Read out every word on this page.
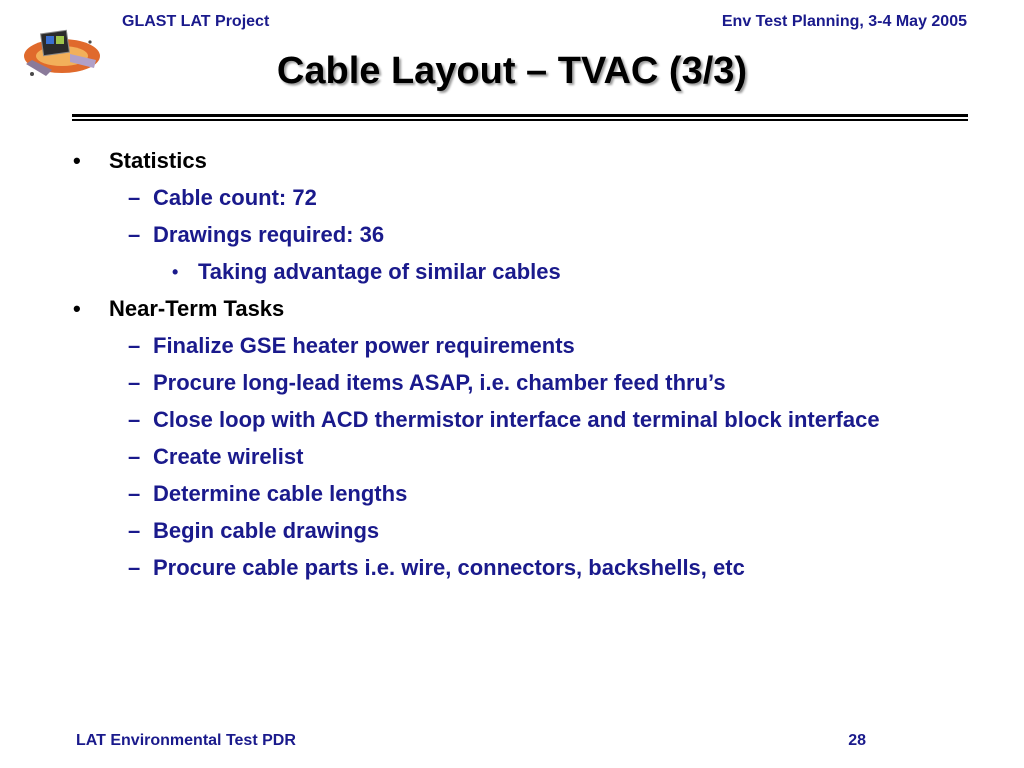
GLAST LAT Project	Env Test Planning, 3-4 May 2005
Cable Layout – TVAC (3/3)
•	Statistics
– Cable count: 72
– Drawings required: 36
• Taking advantage of similar cables
•	Near-Term Tasks
– Finalize GSE heater power requirements
– Procure long-lead items ASAP, i.e. chamber feed thru’s
– Close loop with ACD thermistor interface and terminal block interface
– Create wirelist
– Determine cable lengths
– Begin cable drawings
– Procure cable parts i.e. wire, connectors, backshells, etc
LAT Environmental Test PDR	28
